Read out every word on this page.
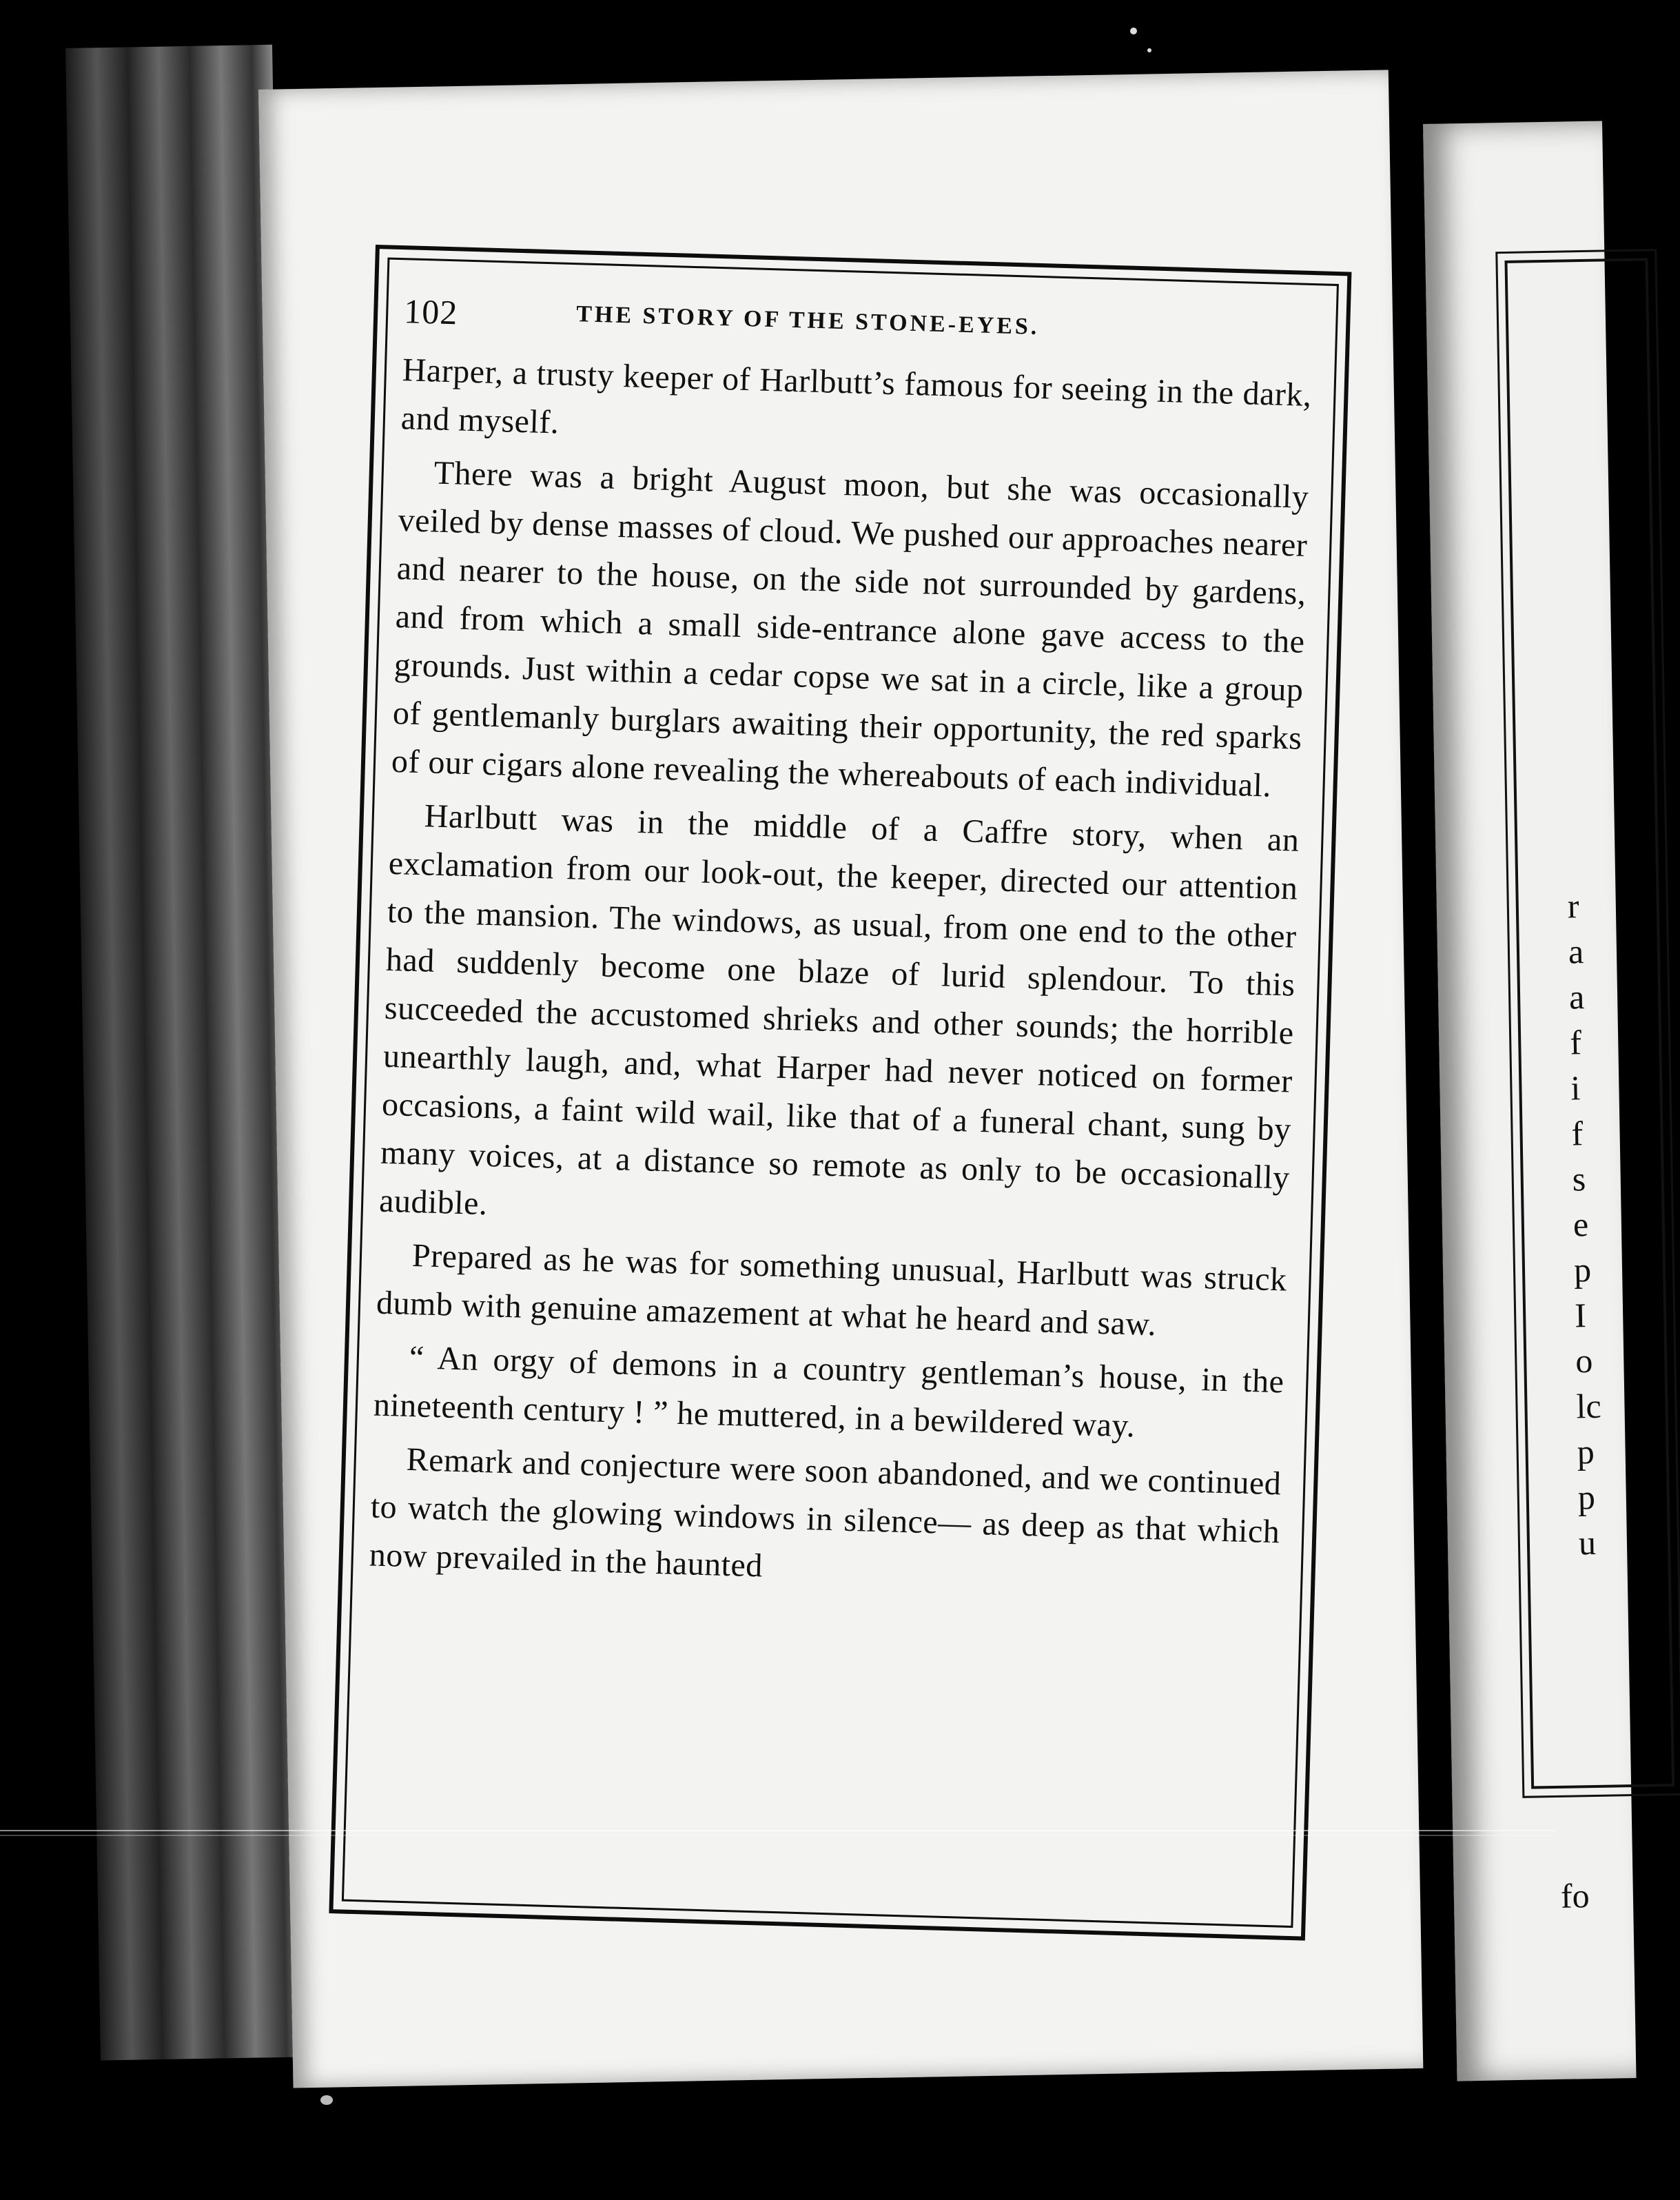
r
a
a
f
i
f
s
e
p
I
o
lc
p
p
u
fo
102	THE STORY OF THE STONE-EYES.

Harper, a trusty keeper of Harlbutt’s famous for seeing in the dark, and myself.

There was a bright August moon, but she was occasionally veiled by dense masses of cloud. We pushed our approaches nearer and nearer to the house, on the side not surrounded by gardens, and from which a small side-entrance alone gave access to the grounds. Just within a cedar copse we sat in a circle, like a group of gentlemanly burglars awaiting their opportunity, the red sparks of our cigars alone revealing the whereabouts of each individual.

Harlbutt was in the middle of a Caffre story, when an exclamation from our look-out, the keeper, directed our attention to the mansion. The windows, as usual, from one end to the other had suddenly become one blaze of lurid splendour. To this succeeded the accustomed shrieks and other sounds; the horrible unearthly laugh, and, what Harper had never noticed on former occasions, a faint wild wail, like that of a funeral chant, sung by many voices, at a distance so remote as only to be occasionally audible.

Prepared as he was for something unusual, Harlbutt was struck dumb with genuine amazement at what he heard and saw.

“ An orgy of demons in a country gentleman’s house, in the nineteenth century ! ” he muttered, in a bewildered way.

Remark and conjecture were soon abandoned, and we continued to watch the glowing windows in silence— as deep as that which now prevailed in the haunted
